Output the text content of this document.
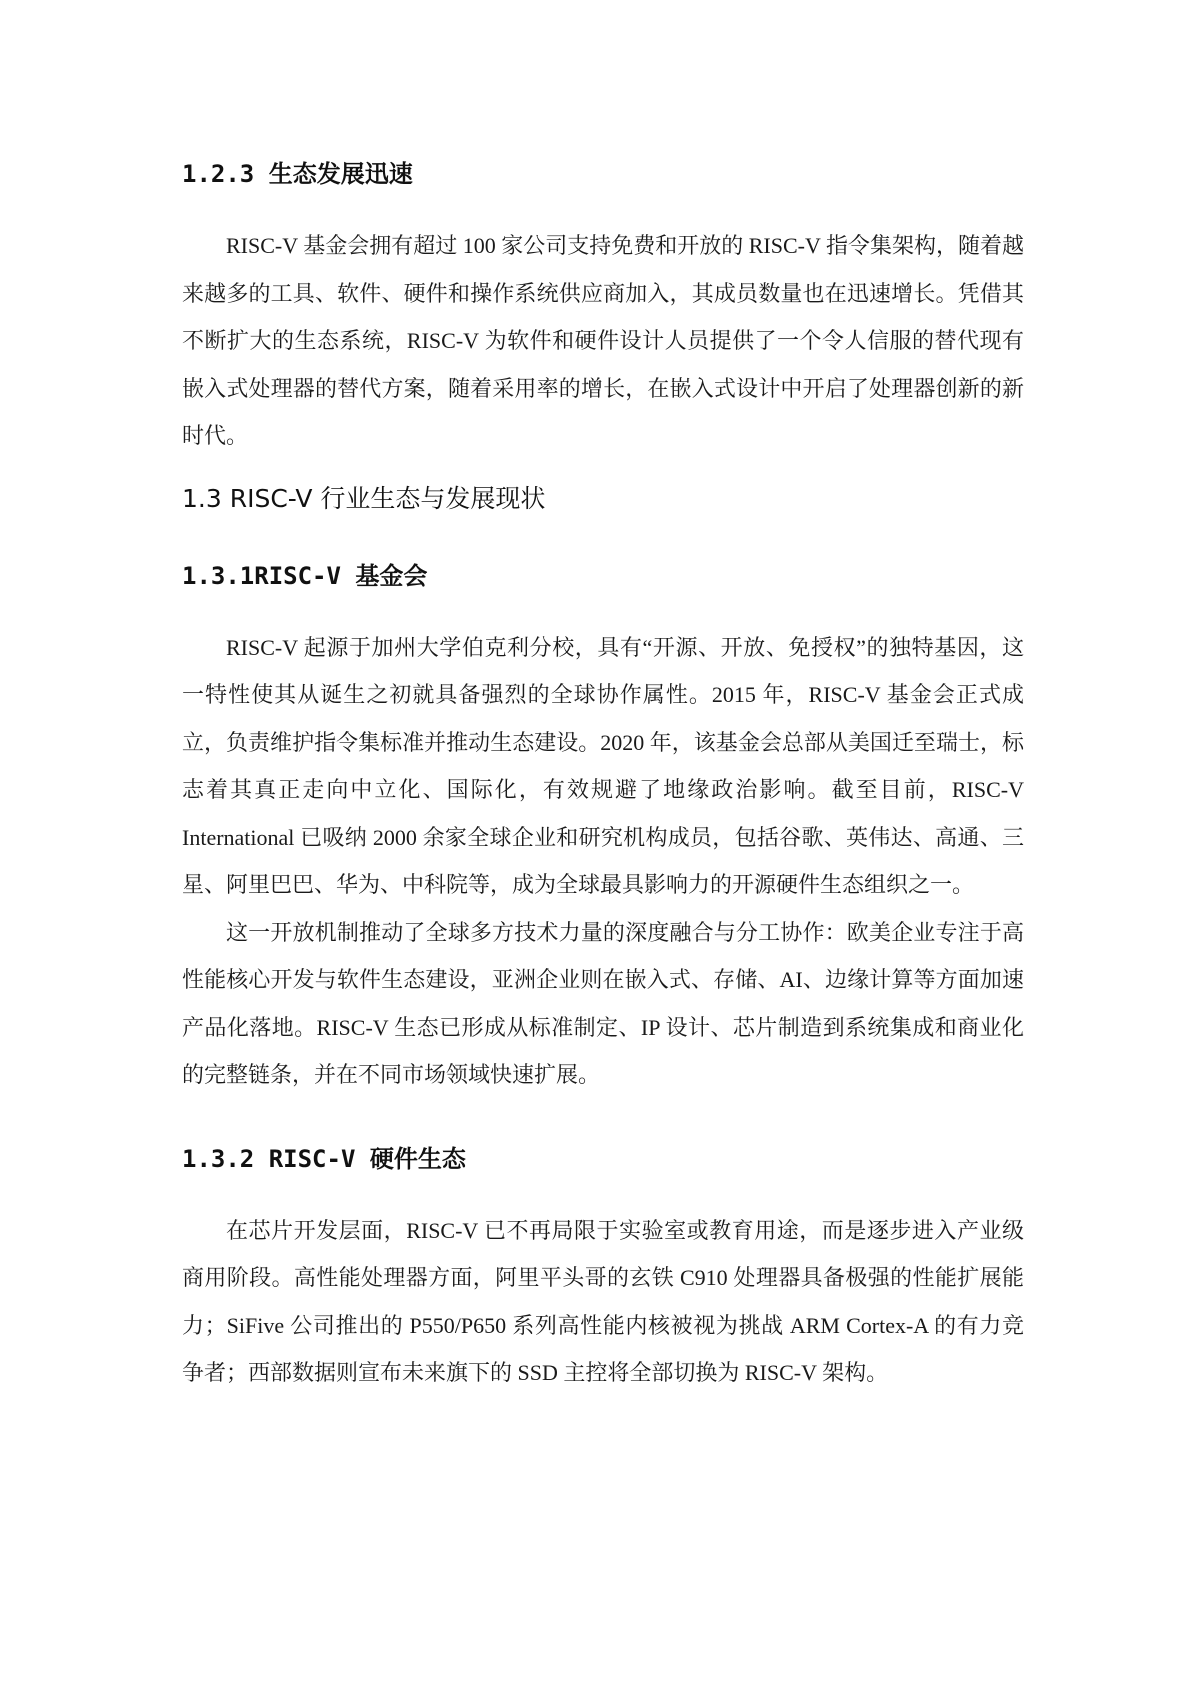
1.2.3 生态发展迅速

RISC-V 基金会拥有超过 100 家公司支持免费和开放的 RISC-V 指令集架构，随着越来越多的工具、软件、硬件和操作系统供应商加入，其成员数量也在迅速增长。凭借其不断扩大的生态系统，RISC-V 为软件和硬件设计人员提供了一个令人信服的替代现有嵌入式处理器的替代方案，随着采用率的增长，在嵌入式设计中开启了处理器创新的新时代。

1.3 RISC-V 行业生态与发展现状
1.3.1RISC-V 基金会

RISC-V 起源于加州大学伯克利分校，具有“开源、开放、免授权”的独特基因，这一特性使其从诞生之初就具备强烈的全球协作属性。2015 年，RISC-V 基金会正式成立，负责维护指令集标准并推动生态建设。2020 年，该基金会总部从美国迁至瑞士，标志着其真正走向中立化、国际化，有效规避了地缘政治影响。截至目前，RISC-V International 已吸纳 2000 余家全球企业和研究机构成员，包括谷歌、英伟达、高通、三星、阿里巴巴、华为、中科院等，成为全球最具影响力的开源硬件生态组织之一。

这一开放机制推动了全球多方技术力量的深度融合与分工协作：欧美企业专注于高性能核心开发与软件生态建设，亚洲企业则在嵌入式、存储、AI、边缘计算等方面加速产品化落地。RISC-V 生态已形成从标准制定、IP 设计、芯片制造到系统集成和商业化的完整链条，并在不同市场领域快速扩展。

1.3.2 RISC-V 硬件生态

在芯片开发层面，RISC-V 已不再局限于实验室或教育用途，而是逐步进入产业级商用阶段。高性能处理器方面，阿里平头哥的玄铁 C910 处理器具备极强的性能扩展能力；SiFive 公司推出的 P550/P650 系列高性能内核被视为挑战 ARM Cortex-A 的有力竞争者；西部数据则宣布未来旗下的 SSD 主控将全部切换为 RISC-V 架构。
